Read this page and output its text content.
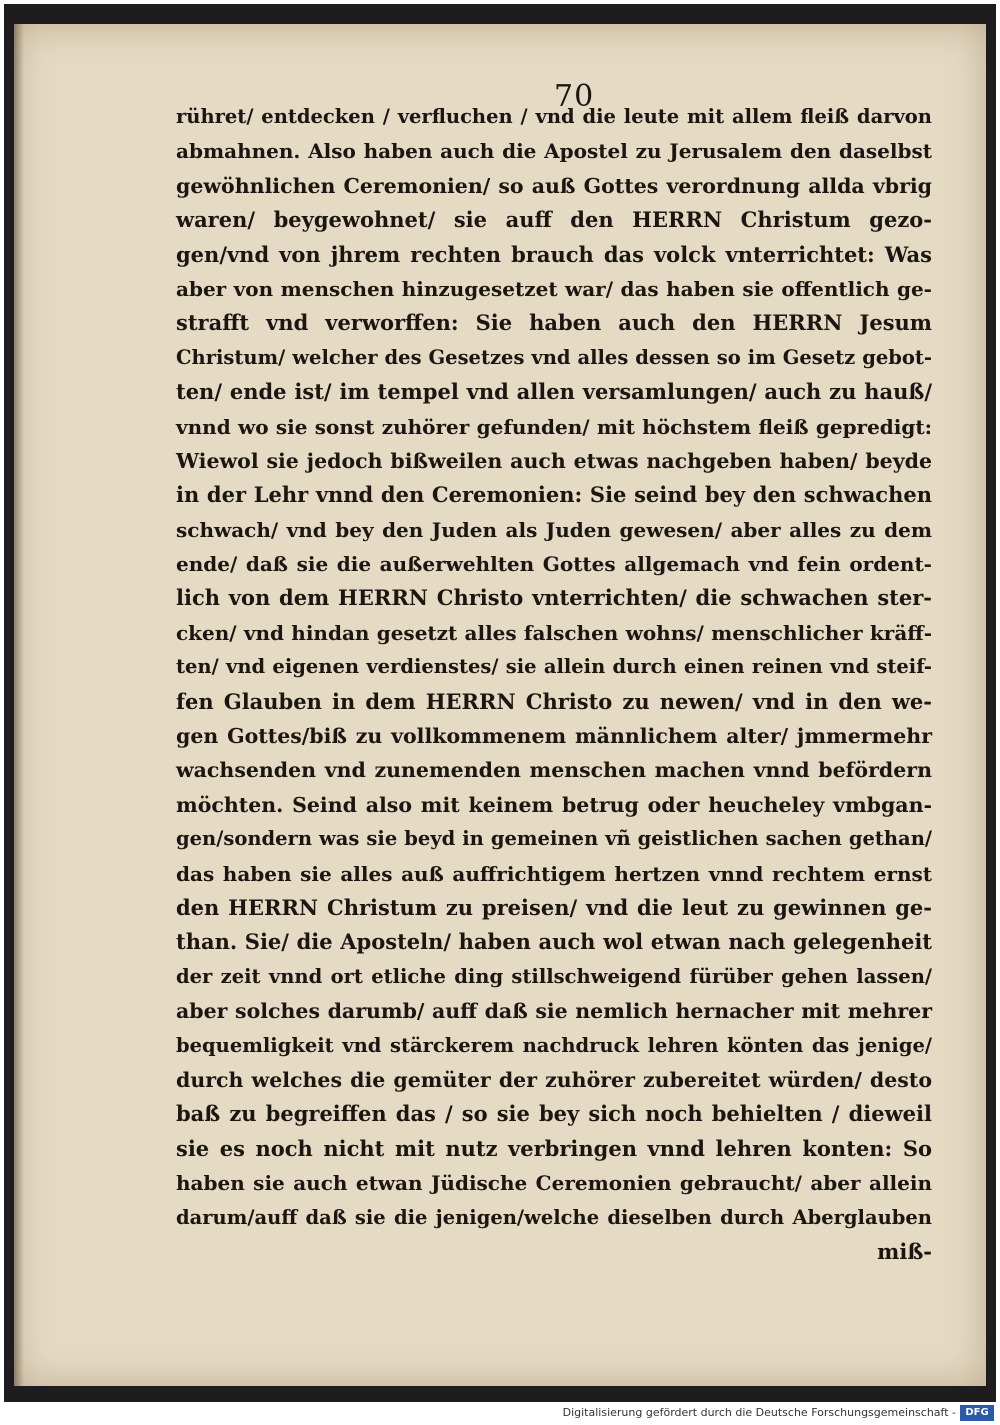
70
rühret/ entdecken / verfluchen / vnd die leute mit allem fleiß darvon
abmahnen. Also haben auch die Apostel zu Jerusalem den daselbst
gewöhnlichen Ceremonien/ so auß Gottes verordnung allda vbrig
waren/ beygewohnet/ sie auff den HERRN Christum gezo-
gen/vnd von jhrem rechten brauch das volck vnterrichtet: Was
aber von menschen hinzugesetzet war/ das haben sie offentlich ge-
strafft vnd verworffen: Sie haben auch den HERRN Jesum
Christum/ welcher des Gesetzes vnd alles dessen so im Gesetz gebot-
ten/ ende ist/ im tempel vnd allen versamlungen/ auch zu hauß/
vnnd wo sie sonst zuhörer gefunden/ mit höchstem fleiß gepredigt:
Wiewol sie jedoch bißweilen auch etwas nachgeben haben/ beyde
in der Lehr vnnd den Ceremonien: Sie seind bey den schwachen
schwach/ vnd bey den Juden als Juden gewesen/ aber alles zu dem
ende/ daß sie die außerwehlten Gottes allgemach vnd fein ordent-
lich von dem HERRN Christo vnterrichten/ die schwachen ster-
cken/ vnd hindan gesetzt alles falschen wohns/ menschlicher kräff-
ten/ vnd eigenen verdienstes/ sie allein durch einen reinen vnd steif-
fen Glauben in dem HERRN Christo zu newen/ vnd in den we-
gen Gottes/biß zu vollkommenem männlichem alter/ jmmermehr
wachsenden vnd zunemenden menschen machen vnnd befördern
möchten. Seind also mit keinem betrug oder heucheley vmbgan-
gen/sondern was sie beyd in gemeinen vñ geistlichen sachen gethan/
das haben sie alles auß auffrichtigem hertzen vnnd rechtem ernst
den HERRN Christum zu preisen/ vnd die leut zu gewinnen ge-
than. Sie/ die Aposteln/ haben auch wol etwan nach gelegenheit
der zeit vnnd ort etliche ding stillschweigend fürüber gehen lassen/
aber solches darumb/ auff daß sie nemlich hernacher mit mehrer
bequemligkeit vnd stärckerem nachdruck lehren könten das jenige/
durch welches die gemüter der zuhörer zubereitet würden/ desto
baß zu begreiffen das / so sie bey sich noch behielten / dieweil
sie es noch nicht mit nutz verbringen vnnd lehren konten: So
haben sie auch etwan Jüdische Ceremonien gebraucht/ aber allein
darum/auff daß sie die jenigen/welche dieselben durch Aberglauben
miß-
Digitalisierung gefördert durch die Deutsche Forschungsgemeinschaft - DFG
